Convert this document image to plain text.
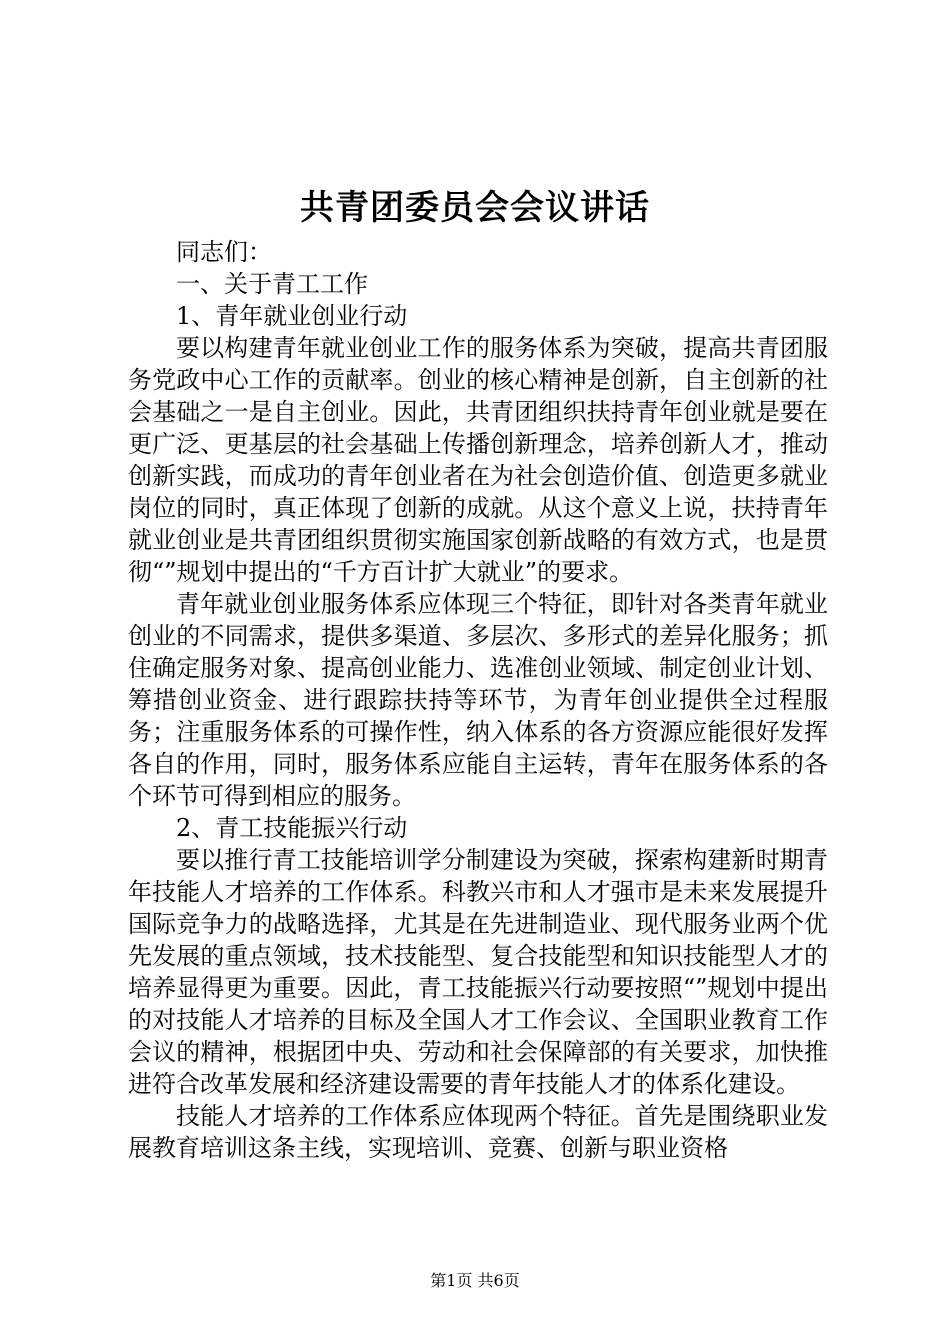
共青团委员会会议讲话

同志们：

一、关于青工工作

1、青年就业创业行动

要以构建青年就业创业工作的服务体系为突破，提高共青团服务党政中心工作的贡献率。创业的核心精神是创新，自主创新的社会基础之一是自主创业。因此，共青团组织扶持青年创业就是要在更广泛、更基层的社会基础上传播创新理念，培养创新人才，推动创新实践，而成功的青年创业者在为社会创造价值、创造更多就业岗位的同时，真正体现了创新的成就。从这个意义上说，扶持青年就业创业是共青团组织贯彻实施国家创新战略的有效方式，也是贯彻“”规划中提出的“千方百计扩大就业”的要求。

青年就业创业服务体系应体现三个特征，即针对各类青年就业创业的不同需求，提供多渠道、多层次、多形式的差异化服务；抓住确定服务对象、提高创业能力、选准创业领域、制定创业计划、筹措创业资金、进行跟踪扶持等环节，为青年创业提供全过程服务；注重服务体系的可操作性，纳入体系的各方资源应能很好发挥各自的作用，同时，服务体系应能自主运转，青年在服务体系的各个环节可得到相应的服务。

2、青工技能振兴行动

要以推行青工技能培训学分制建设为突破，探索构建新时期青年技能人才培养的工作体系。科教兴市和人才强市是未来发展提升国际竞争力的战略选择，尤其是在先进制造业、现代服务业两个优先发展的重点领域，技术技能型、复合技能型和知识技能型人才的培养显得更为重要。因此，青工技能振兴行动要按照“”规划中提出的对技能人才培养的目标及全国人才工作会议、全国职业教育工作会议的精神，根据团中央、劳动和社会保障部的有关要求，加快推进符合改革发展和经济建设需要的青年技能人才的体系化建设。

技能人才培养的工作体系应体现两个特征。首先是围绕职业发展教育培训这条主线，实现培训、竞赛、创新与职业资格

第1页 共6页
